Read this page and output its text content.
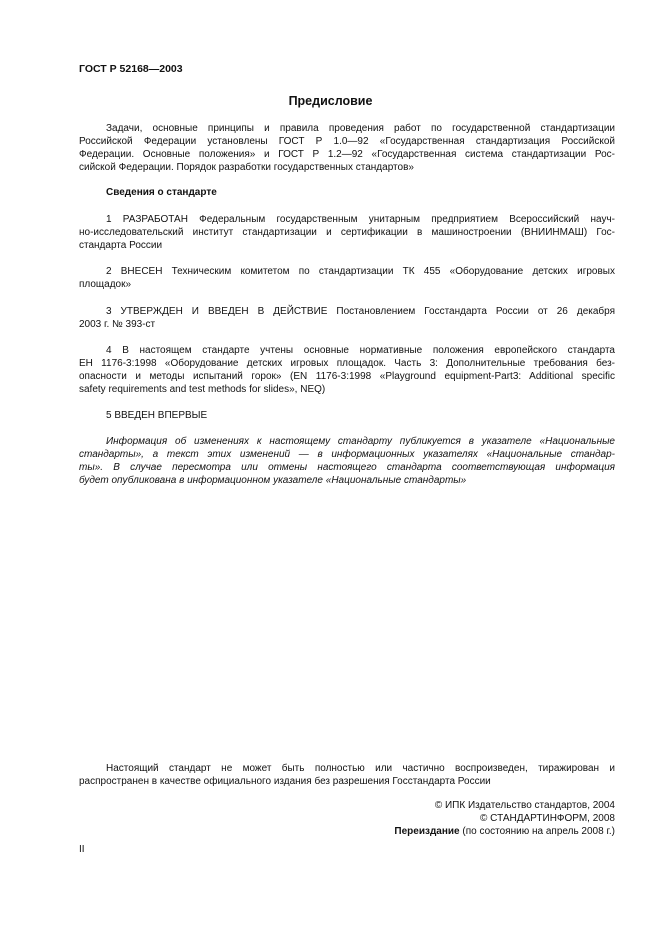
ГОСТ Р 52168—2003
Предисловие
Задачи, основные принципы и правила проведения работ по государственной стандартизации
Российской Федерации установлены ГОСТ Р 1.0—92 «Государственная стандартизация Российской
Федерации. Основные положения» и ГОСТ Р 1.2—92 «Государственная система стандартизации Рос-
сийской Федерации. Порядок разработки государственных стандартов»
Сведения о стандарте
1 РАЗРАБОТАН Федеральным государственным унитарным предприятием Всероссийский науч-
но-исследовательский институт стандартизации и сертификации в машиностроении (ВНИИНМАШ) Гос-
стандарта России
2 ВНЕСЕН Техническим комитетом по стандартизации ТК 455 «Оборудование детских игровых
площадок»
3 УТВЕРЖДЕН И ВВЕДЕН В ДЕЙСТВИЕ Постановлением Госстандарта России от 26 декабря
2003 г. № 393-ст
4 В настоящем стандарте учтены основные нормативные положения европейского стандарта
ЕН 1176-3:1998 «Оборудование детских игровых площадок. Часть 3: Дополнительные требования без-
опасности и методы испытаний горок» (EN 1176-3:1998 «Playground equipment-Part3: Additional specific
safety requirements and test methods for slides», NEQ)
5 ВВЕДЕН ВПЕРВЫЕ
Информация об изменениях к настоящему стандарту публикуется в указателе «Национальные
стандарты», а текст этих изменений — в информационных указателях «Национальные стандар-
ты». В случае пересмотра или отмены настоящего стандарта соответствующая информация
будет опубликована в информационном указателе «Национальные стандарты»
Настоящий стандарт не может быть полностью или частично воспроизведен, тиражирован и
распространен в качестве официального издания без разрешения Госстандарта России
© ИПК Издательство стандартов, 2004
© СТАНДАРТИНФОРМ, 2008
Переиздание (по состоянию на апрель 2008 г.)
II
